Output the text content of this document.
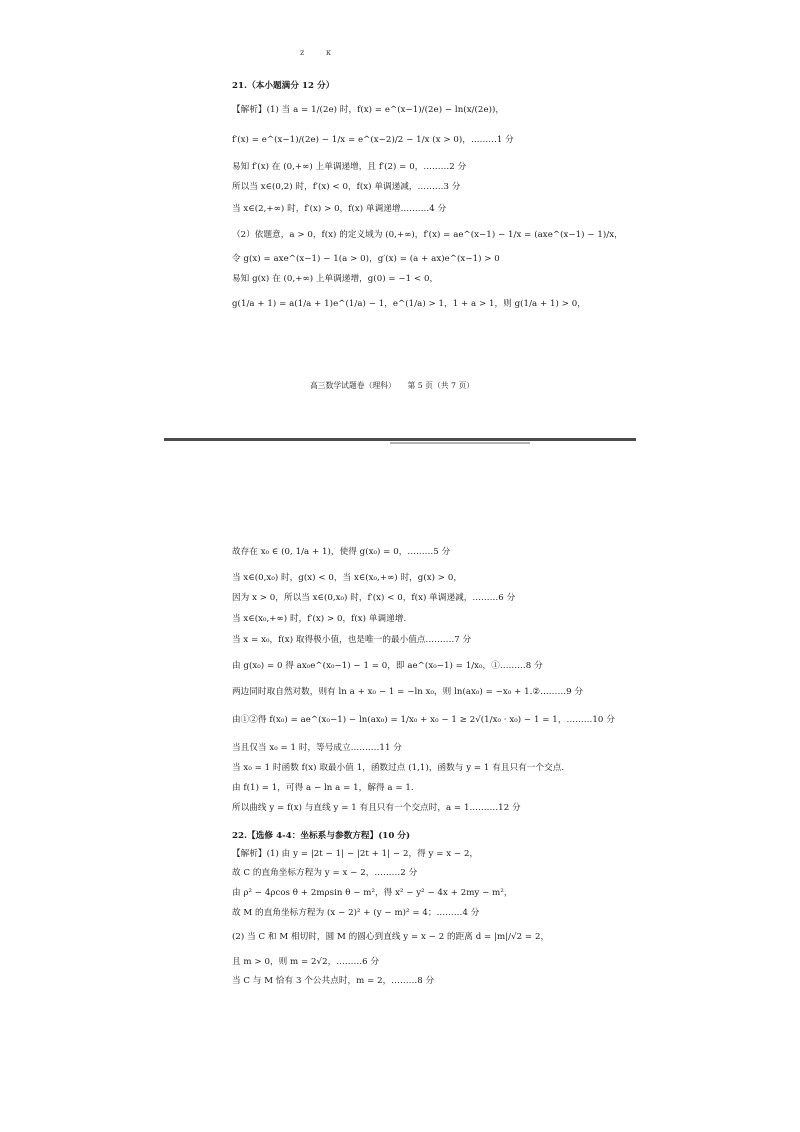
z	κ
21.（本小题满分 12 分）
【解析】(1) 当 a = 1/(2e) 时，f(x) = e^(x−1)/(2e) − ln(x/(2e))，
f′(x) = e^(x−1)/(2e) − 1/x = e^(x−2)/2 − 1/x (x > 0)，………1 分
易知 f′(x) 在 (0,+∞) 上单调递增，且 f′(2) = 0，………2 分
所以当 x∈(0,2) 时，f′(x) < 0，f(x) 单调递减，………3 分
当 x∈(2,+∞) 时，f′(x) > 0，f(x) 单调递增.………4 分
（2）依题意，a > 0，f(x) 的定义域为 (0,+∞)，f′(x) = ae^(x−1) − 1/x = (axe^(x−1) − 1)/x，
令 g(x) = axe^(x−1) − 1(a > 0)，g′(x) = (a + ax)e^(x−1) > 0
易知 g(x) 在 (0,+∞) 上单调递增，g(0) = −1 < 0，
g(1/a + 1) = a(1/a + 1)e^(1/a) − 1，e^(1/a) > 1，1 + a > 1，则 g(1/a + 1) > 0，
高三数学试题卷（理科）　　第 5 页（共 7 页）
故存在 x₀ ∈ (0, 1/a + 1)，使得 g(x₀) = 0，………5 分
当 x∈(0,x₀) 时，g(x) < 0，当 x∈(x₀,+∞) 时，g(x) > 0，
因为 x > 0，所以当 x∈(0,x₀) 时，f′(x) < 0，f(x) 单调递减，………6 分
当 x∈(x₀,+∞) 时，f′(x) > 0，f(x) 单调递增.
当 x = x₀，f(x) 取得极小值，也是唯一的最小值点.………7 分
由 g(x₀) = 0 得 ax₀e^(x₀−1) − 1 = 0，即 ae^(x₀−1) = 1/x₀，①………8 分
两边同时取自然对数，则有 ln a + x₀ − 1 = −ln x₀，则 ln(ax₀) = −x₀ + 1.②………9 分
由①②得 f(x₀) = ae^(x₀−1) − ln(ax₀) = 1/x₀ + x₀ − 1 ≥ 2√(1/x₀ · x₀) − 1 = 1，………10 分
当且仅当 x₀ = 1 时，等号成立.………11 分
当 x₀ = 1 时函数 f(x) 取最小值 1，函数过点 (1,1)，函数与 y = 1 有且只有一个交点.
由 f(1) = 1，可得 a − ln a = 1，解得 a = 1.
所以曲线 y = f(x) 与直线 y = 1 有且只有一个交点时，a = 1.………12 分
22.【选修 4-4：坐标系与参数方程】(10 分)
【解析】(1) 由 y = |2t − 1| − |2t + 1| − 2，得 y = x − 2，
故 C 的直角坐标方程为 y = x − 2，………2 分
由 ρ² − 4ρcos θ + 2mρsin θ − m²，得 x² − y² − 4x + 2my − m²，
故 M 的直角坐标方程为 (x − 2)² + (y − m)² = 4；………4 分
(2) 当 C 和 M 相切时，圆 M 的圆心到直线 y = x − 2 的距离 d = |m|/√2 = 2，
且 m > 0，则 m = 2√2，………6 分
当 C 与 M 恰有 3 个公共点时，m = 2，………8 分
